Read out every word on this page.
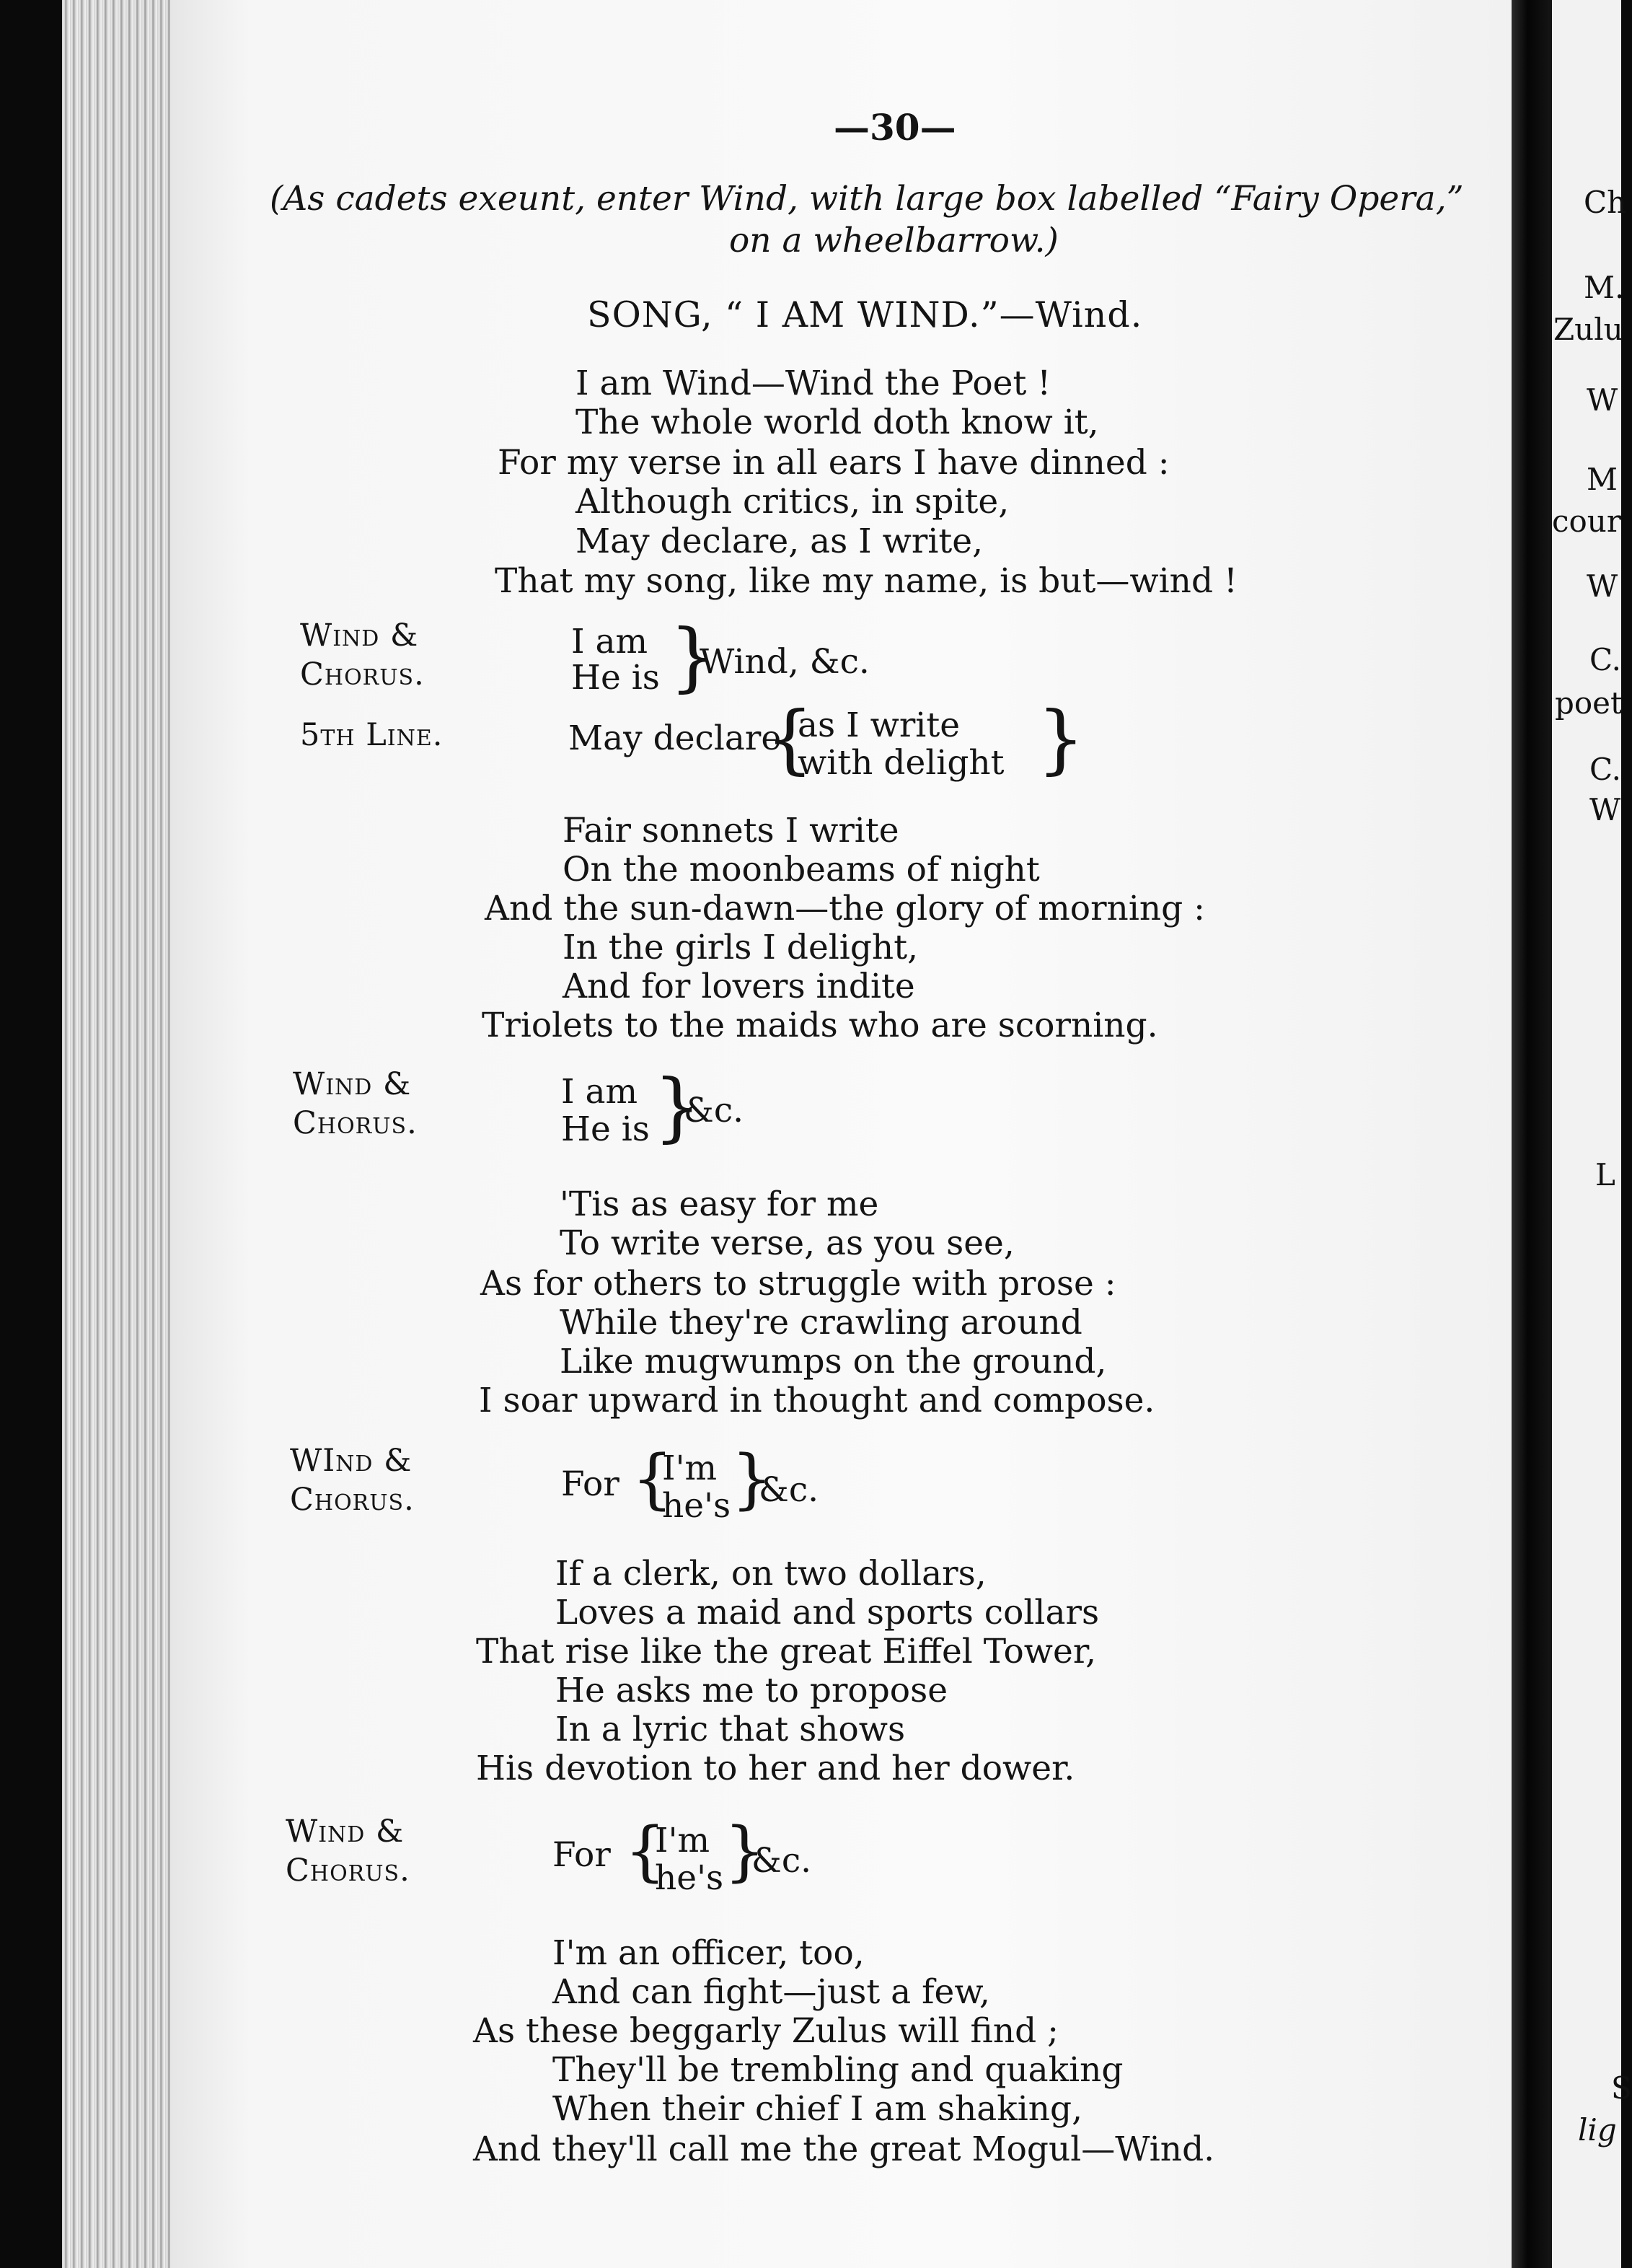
—30—
(As cadets exeunt, enter Wind, with large box labelled “Fairy Opera,”
on a wheelbarrow.)
SONG, “ I AM WIND.”—Wind.
I am Wind—Wind the Poet !
The whole world doth know it,
For my verse in all ears I have dinned :
Although critics, in spite,
May declare, as I write,
That my song, like my name, is but—wind !
Wind &
Chorus.
I am
He is }
Wind, &c.
5th Line.	May declare
{
as I write
with delight }
Fair sonnets I write
On the moonbeams of night
And the sun-dawn—the glory of morning :
In the girls I delight,
And for lovers indite
Triolets to the maids who are scorning.
Wind &
Chorus.
I am
He is }
&c.
'Tis as easy for me
To write verse, as you see,
As for others to struggle with prose :
While they're crawling around
Like mugwumps on the ground,
I soar upward in thought and compose.
WInd &
Chorus.	For {
I'm
he's }
&c.
If a clerk, on two dollars,
Loves a maid and sports collars
That rise like the great Eiffel Tower,
He asks me to propose
In a lyric that shows
His devotion to her and her dower.
Wind &
Chorus.	For {
I'm
he's }
&c.
I'm an officer, too,
And can fight—just a few,
As these beggarly Zulus will find ;
They'll be trembling and quaking
When their chief I am shaking,
And they'll call me the great Mogul—Wind.
Ch
M.
Zulu
W
M
cour
W
C.
poet
C.
W
L
S
lig
